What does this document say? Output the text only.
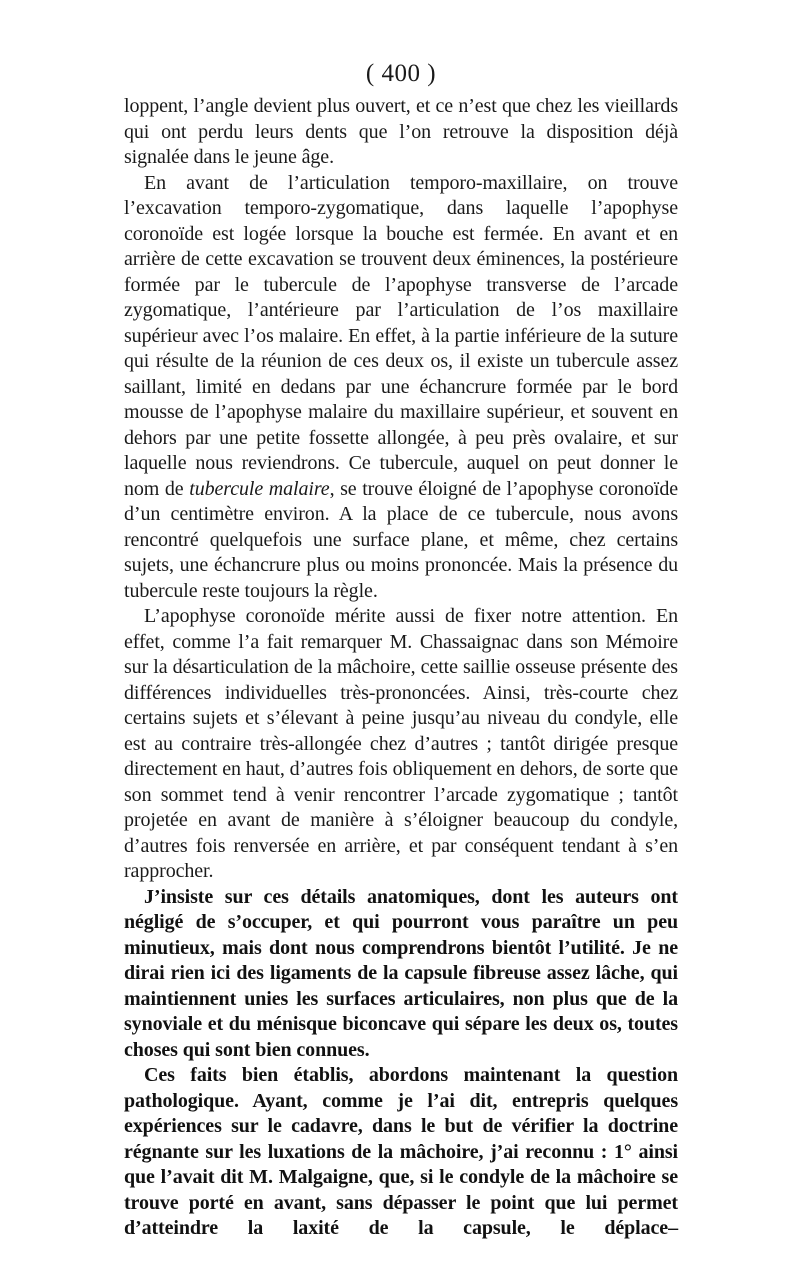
( 400 )

loppent, l’angle devient plus ouvert, et ce n’est que chez les vieillards qui ont perdu leurs dents que l’on retrouve la disposition déjà signalée dans le jeune âge.

En avant de l’articulation temporo-maxillaire, on trouve l’excavation temporo-zygomatique, dans laquelle l’apophyse coronoïde est logée lorsque la bouche est fermée. En avant et en arrière de cette excavation se trouvent deux éminences, la postérieure formée par le tubercule de l’apophyse transverse de l’arcade zygomatique, l’antérieure par l’articulation de l’os maxillaire supérieur avec l’os malaire. En effet, à la partie inférieure de la suture qui résulte de la réunion de ces deux os, il existe un tubercule assez saillant, limité en dedans par une échancrure formée par le bord mousse de l’apophyse malaire du maxillaire supérieur, et souvent en dehors par une petite fossette allongée, à peu près ovalaire, et sur laquelle nous reviendrons. Ce tubercule, auquel on peut donner le nom de tubercule malaire, se trouve éloigné de l’apophyse coronoïde d’un centimètre environ. A la place de ce tubercule, nous avons rencontré quelquefois une surface plane, et même, chez certains sujets, une échancrure plus ou moins prononcée. Mais la présence du tubercule reste toujours la règle.

L’apophyse coronoïde mérite aussi de fixer notre attention. En effet, comme l’a fait remarquer M. Chassaignac dans son Mémoire sur la désarticulation de la mâchoire, cette saillie osseuse présente des différences individuelles très-prononcées. Ainsi, très-courte chez certains sujets et s’élevant à peine jusqu’au niveau du condyle, elle est au contraire très-allongée chez d’autres ; tantôt dirigée presque directement en haut, d’autres fois obliquement en dehors, de sorte que son sommet tend à venir rencontrer l’arcade zygomatique ; tantôt projetée en avant de manière à s’éloigner beaucoup du condyle, d’autres fois renversée en arrière, et par conséquent tendant à s’en rapprocher.

J’insiste sur ces détails anatomiques, dont les auteurs ont négligé de s’occuper, et qui pourront vous paraître un peu minutieux, mais dont nous comprendrons bientôt l’utilité. Je ne dirai rien ici des ligaments de la capsule fibreuse assez lâche, qui maintiennent unies les surfaces articulaires, non plus que de la synoviale et du ménisque biconcave qui sépare les deux os, toutes choses qui sont bien connues.

Ces faits bien établis, abordons maintenant la question pathologique. Ayant, comme je l’ai dit, entrepris quelques expériences sur le cadavre, dans le but de vérifier la doctrine régnante sur les luxations de la mâchoire, j’ai reconnu : 1° ainsi que l’avait dit M. Malgaigne, que, si le condyle de la mâchoire se trouve porté en avant, sans dépasser le point que lui permet d’atteindre la laxité de la capsule, le déplace–
